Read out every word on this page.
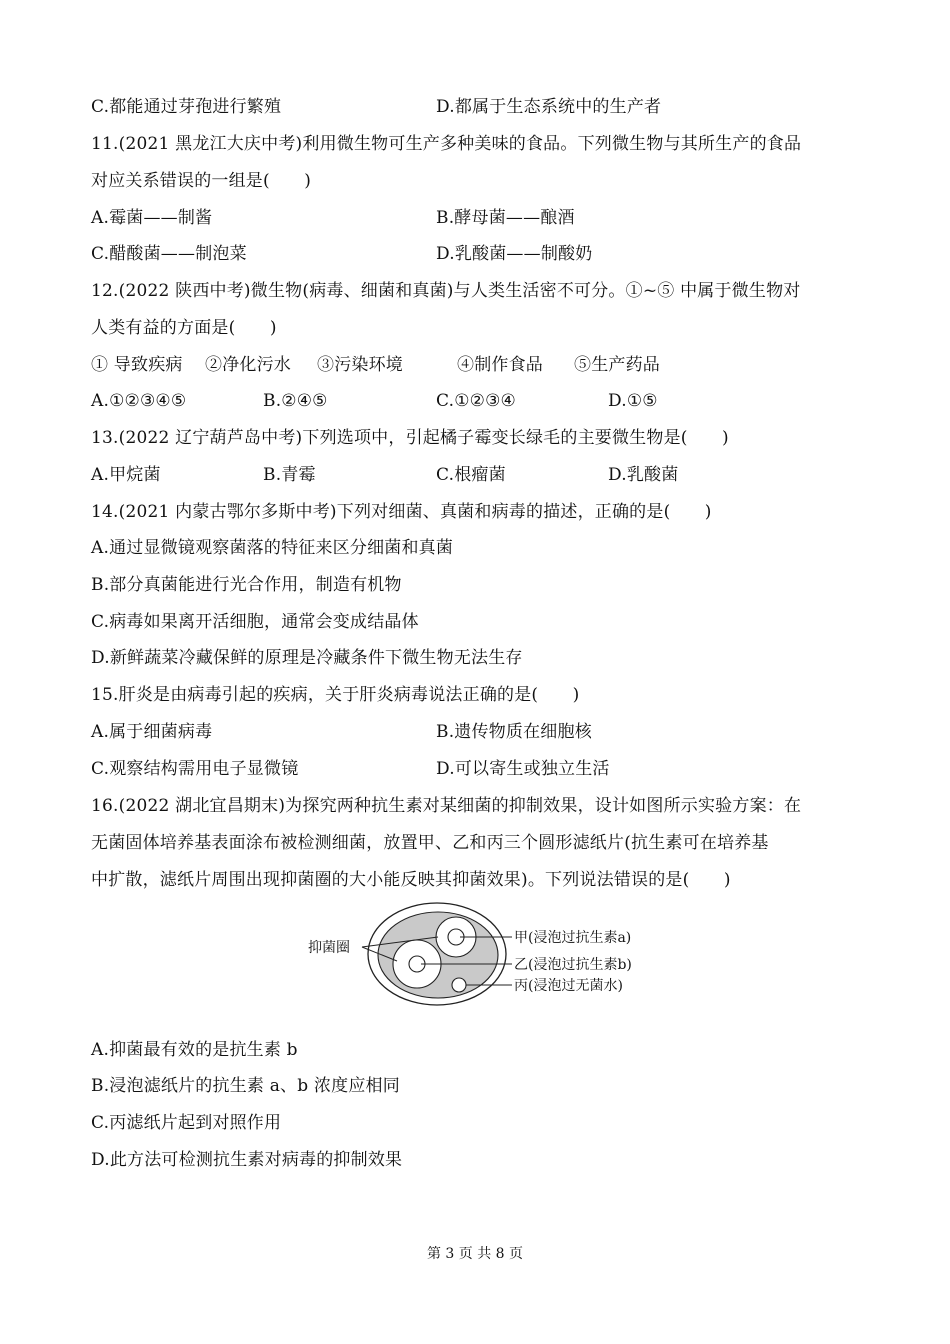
C.都能通过芽孢进行繁殖	D.都属于生态系统中的生产者
11.(2021 黑龙江大庆中考)利用微生物可生产多种美味的食品。下列微生物与其所生产的食品
对应关系错误的一组是(　　)
A.霉菌——制酱	B.酵母菌——酿酒
C.醋酸菌——制泡菜	D.乳酸菌——制酸奶
12.(2022 陕西中考)微生物(病毒、细菌和真菌)与人类生活密不可分。①~⑤ 中属于微生物对
人类有益的方面是(　　)
① 导致疾病 ②净化污水 ③污染环境	④制作食品 ⑤生产药品
A.①②③④⑤	B.②④⑤	C.①②③④	D.①⑤
13.(2022 辽宁葫芦岛中考)下列选项中，引起橘子霉变长绿毛的主要微生物是(　　)
A.甲烷菌	B.青霉	C.根瘤菌	D.乳酸菌
14.(2021 内蒙古鄂尔多斯中考)下列对细菌、真菌和病毒的描述，正确的是(　　)
A.通过显微镜观察菌落的特征来区分细菌和真菌
B.部分真菌能进行光合作用，制造有机物
C.病毒如果离开活细胞，通常会变成结晶体
D.新鲜蔬菜冷藏保鲜的原理是冷藏条件下微生物无法生存
15.肝炎是由病毒引起的疾病，关于肝炎病毒说法正确的是(　　)
A.属于细菌病毒	B.遗传物质在细胞核
C.观察结构需用电子显微镜	D.可以寄生或独立生活
16.(2022 湖北宜昌期末)为探究两种抗生素对某细菌的抑制效果，设计如图所示实验方案：在
无菌固体培养基表面涂布被检测细菌，放置甲、乙和丙三个圆形滤纸片(抗生素可在培养基
中扩散，滤纸片周围出现抑菌圈的大小能反映其抑菌效果)。下列说法错误的是(　　)
抑菌圈
甲(浸泡过抗生素a)
乙(浸泡过抗生素b)
丙(浸泡过无菌水)
A.抑菌最有效的是抗生素 b
B.浸泡滤纸片的抗生素 a、b 浓度应相同
C.丙滤纸片起到对照作用
D.此方法可检测抗生素对病毒的抑制效果
第 3 页 共 8 页
